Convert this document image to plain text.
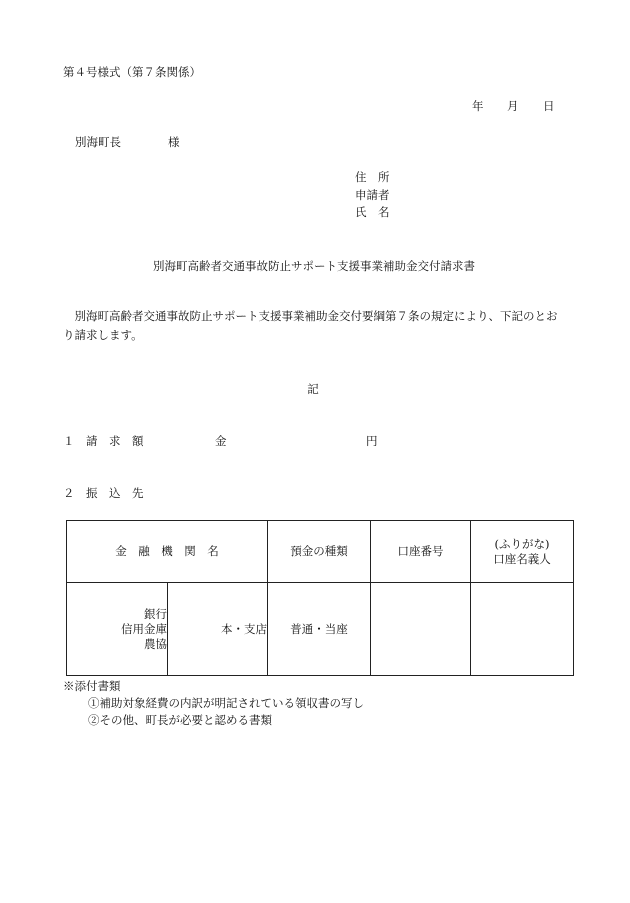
第４号様式（第７条関係）
年 月 日
別海町長	様
住　所
申請者
氏　名
別海町高齢者交通事故防止サポート支援事業補助金交付請求書
　別海町高齢者交通事故防止サポート支援事業補助金交付要綱第７条の規定により、下記のとお
り請求します。
記
１　請　求　額	金	円
２　振　込　先
金　融　機　関　名		預金の種類	口座番号	(ふりがな)
口座名義人

銀行
信用金庫
農協	本・支店	普通・当座		
※添付書類
①補助対象経費の内訳が明記されている領収書の写し
②その他、町長が必要と認める書類
